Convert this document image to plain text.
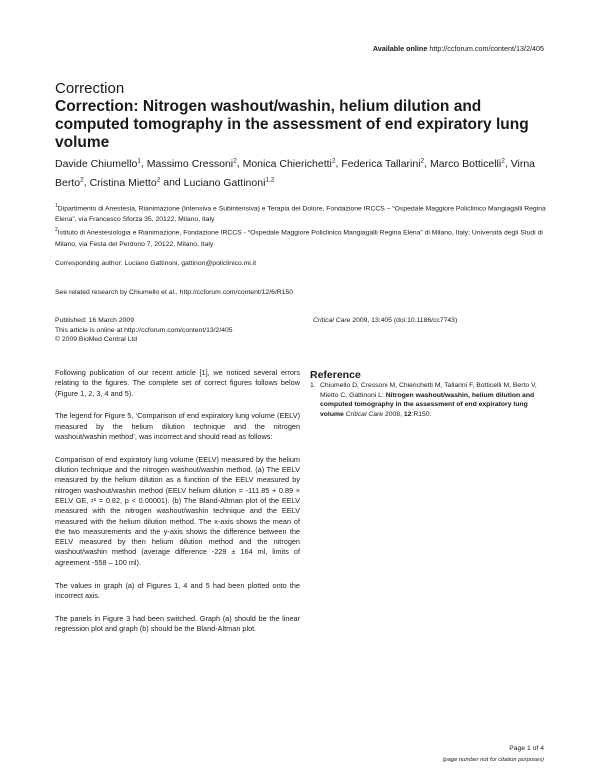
Available online http://ccforum.com/content/13/2/405
Correction
Correction: Nitrogen washout/washin, helium dilution and computed tomography in the assessment of end expiratory lung volume
Davide Chiumello$^1$, Massimo Cressoni$^2$, Monica Chierichetti$^2$, Federica Tallarini$^2$, Marco Botticelli$^2$, Virna Berto$^2$, Cristina Mietto$^2$ and Luciano Gattinoni$^{1,2}$
$^1$Dipartimento di Anestesia, Rianimazione (Intensiva e Subintensiva) e Terapia del Dolore, Fondazione IRCCS – “Ospedale Maggiore Policlinico Mangiagalli Regina Elena”, via Francesco Sforza 35, 20122, Milano, Italy
$^2$Istituto di Anestesiologia e Rianimazione, Fondazione IRCCS - “Ospedale Maggiore Policlinico Mangiagalli Regina Elena” di Milano, Italy; Università degli Studi di Milano, via Festa del Perdono 7, 20122, Milano, Italy
Corresponding author: Luciano Gattinoni, gattinon@policlinico.mi.it
See related research by Chiumello et al., http://ccforum.com/content/12/6/R150
Published: 16 March 2009
This article is online at http://ccforum.com/content/13/2/405
© 2009 BioMed Central Ltd
Critical Care 2009, 13:405 (doi:10.1186/cc7743)

Following publication of our recent article [1], we noticed several errors relating to the figures. The complete set of correct figures follows below (Figure 1, 2, 3, 4 and 5).

The legend for Figure 5, ‘Comparison of end expiratory lung volume (EELV) measured by the helium dilution technique and the nitrogen washout/washin method’, was incorrect and should read as follows:

Comparison of end expiratory lung volume (EELV) measured by the helium dilution technique and the nitrogen washout/washin method. (a) The EELV measured by the helium dilution as a function of the EELV measured by nitrogen washout/washin method (EELV helium dilution = -111.85 + 0.89 × EELV GE, r² = 0.82, p < 0.00001). (b) The Bland-Altman plot of the EELV measured with the nitrogen washout/washin technique and the EELV measured with the helium dilution method. The x-axis shows the mean of the two measurements and the y-axis shows the difference between the EELV measured by then helium dilution method and the nitrogen washout/washin method (average difference -229 ± 164 ml, limits of agreement -558 – 100 ml).

The values in graph (a) of Figures 1, 4 and 5 had been plotted onto the incorrect axis.

The panels in Figure 3 had been switched. Graph (a) should be the linear regression plot and graph (b) should be the Bland-Altman plot.

Reference
1. Chiumello D, Cressoni M, Chierichetti M, Tallarini F, Botticelli M, Berto V, Mietto C, Gattinoni L: Nitrogen washout/washin, helium dilution and computed tomography in the assessment of end expiratory lung volume Critical Care 2008, 12:R150.
Page 1 of 4
(page number not for citation purposes)
